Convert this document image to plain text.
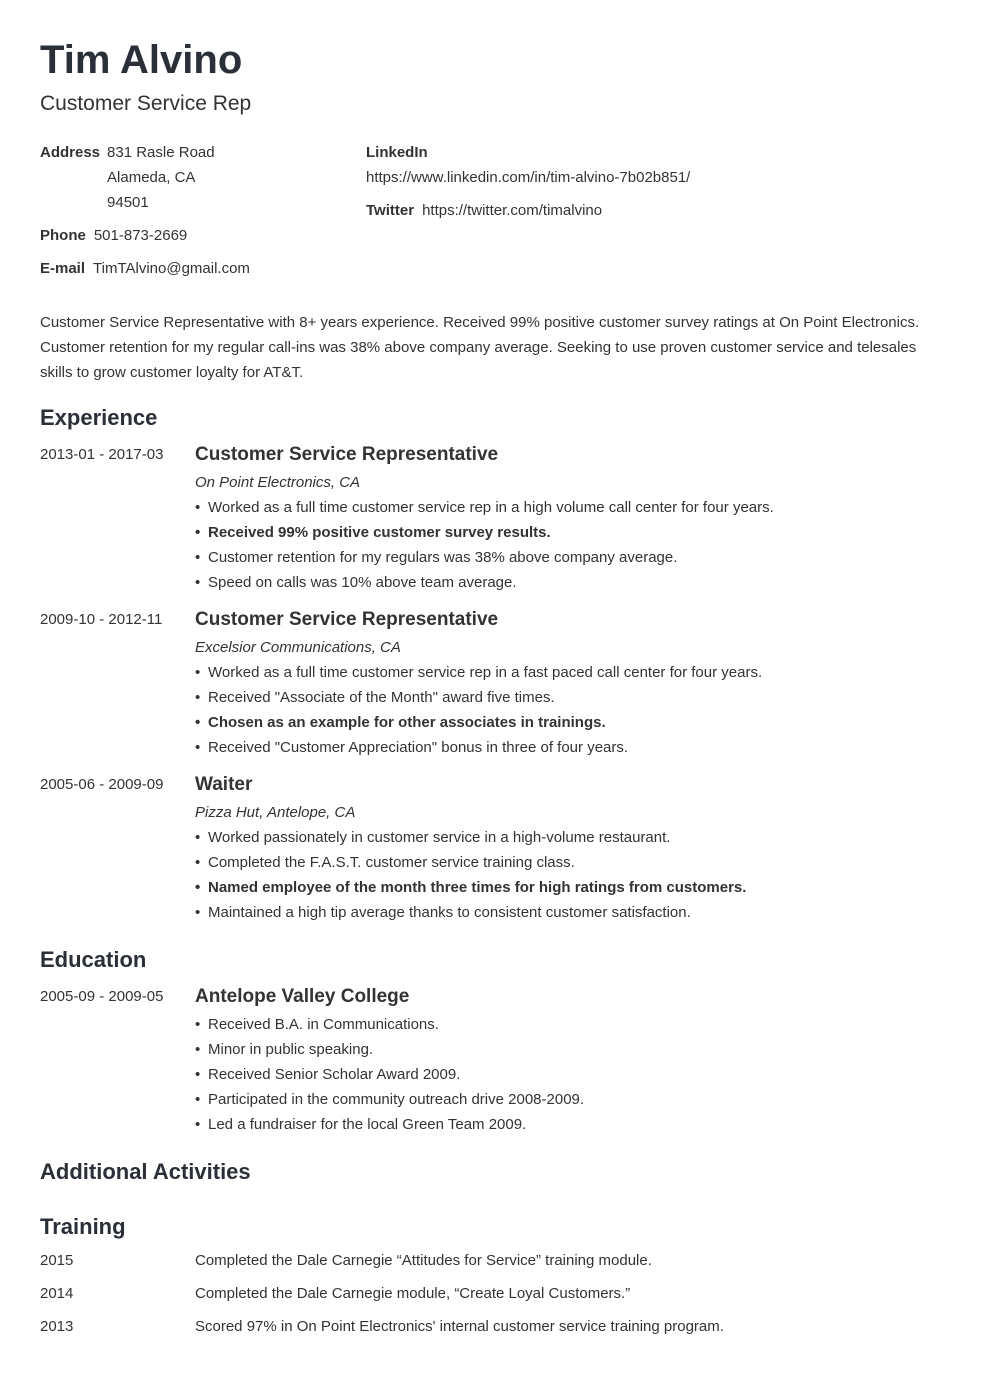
Tim Alvino
Customer Service Rep
Address 831 Rasle Road
Alameda, CA
94501
Phone 501-873-2669
E-mail TimTAlvino@gmail.com
LinkedIn
https://www.linkedin.com/in/tim-alvino-7b02b851/
Twitter https://twitter.com/timalvino
Customer Service Representative with 8+ years experience. Received 99% positive customer survey ratings at On Point Electronics. Customer retention for my regular call-ins was 38% above company average. Seeking to use proven customer service and telesales skills to grow customer loyalty for AT&T.
Experience
2013-01 - 2017-03 Customer Service Representative
On Point Electronics, CA
• Worked as a full time customer service rep in a high volume call center for four years.
• Received 99% positive customer survey results.
• Customer retention for my regulars was 38% above company average.
• Speed on calls was 10% above team average.
2009-10 - 2012-11 Customer Service Representative
Excelsior Communications, CA
• Worked as a full time customer service rep in a fast paced call center for four years.
• Received "Associate of the Month" award five times.
• Chosen as an example for other associates in trainings.
• Received "Customer Appreciation" bonus in three of four years.
2005-06 - 2009-09 Waiter
Pizza Hut, Antelope, CA
• Worked passionately in customer service in a high-volume restaurant.
• Completed the F.A.S.T. customer service training class.
• Named employee of the month three times for high ratings from customers.
• Maintained a high tip average thanks to consistent customer satisfaction.
Education
2005-09 - 2009-05 Antelope Valley College
• Received B.A. in Communications.
• Minor in public speaking.
• Received Senior Scholar Award 2009.
• Participated in the community outreach drive 2008-2009.
• Led a fundraiser for the local Green Team 2009.
Additional Activities
Training
2015	Completed the Dale Carnegie “Attitudes for Service” training module.
2014	Completed the Dale Carnegie module, “Create Loyal Customers.”
2013	Scored 97% in On Point Electronics' internal customer service training program.
